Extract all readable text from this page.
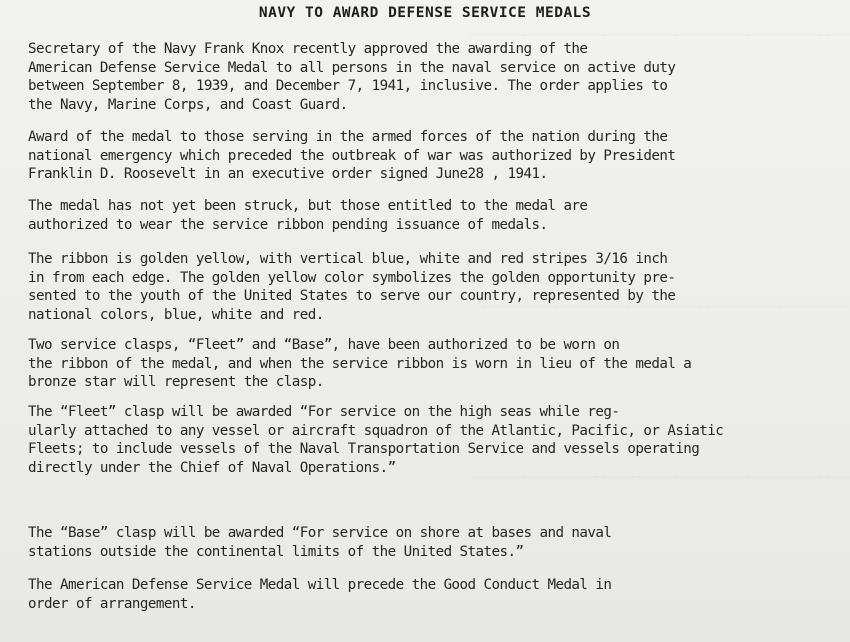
NAVY TO AWARD DEFENSE SERVICE MEDALS

Secretary of the Navy Frank Knox recently approved the awarding of the
American Defense Service Medal to all persons in the naval service on active duty
between September 8, 1939, and December 7, 1941, inclusive. The order applies to
the Navy, Marine Corps, and Coast Guard.

Award of the medal to those serving in the armed forces of the nation during the
national emergency which preceded the outbreak of war was authorized by President
Franklin D. Roosevelt in an executive order signed June28 , 1941.

The medal has not yet been struck, but those entitled to the medal are
authorized to wear the service ribbon pending issuance of medals.

The ribbon is golden yellow, with vertical blue, white and red stripes 3/16 inch
in from each edge. The golden yellow color symbolizes the golden opportunity pre-
sented to the youth of the United States to serve our country, represented by the
national colors, blue, white and red.

Two service clasps, “Fleet” and “Base”, have been authorized to be worn on
the ribbon of the medal, and when the service ribbon is worn in lieu of the medal a
bronze star will represent the clasp.

The “Fleet” clasp will be awarded “For service on the high seas while reg-
ularly attached to any vessel or aircraft squadron of the Atlantic, Pacific, or Asiatic
Fleets; to include vessels of the Naval Transportation Service and vessels operating
directly under the Chief of Naval Operations.”

The “Base” clasp will be awarded “For service on shore at bases and naval
stations outside the continental limits of the United States.”

The American Defense Service Medal will precede the Good Conduct Medal in
order of arrangement.
